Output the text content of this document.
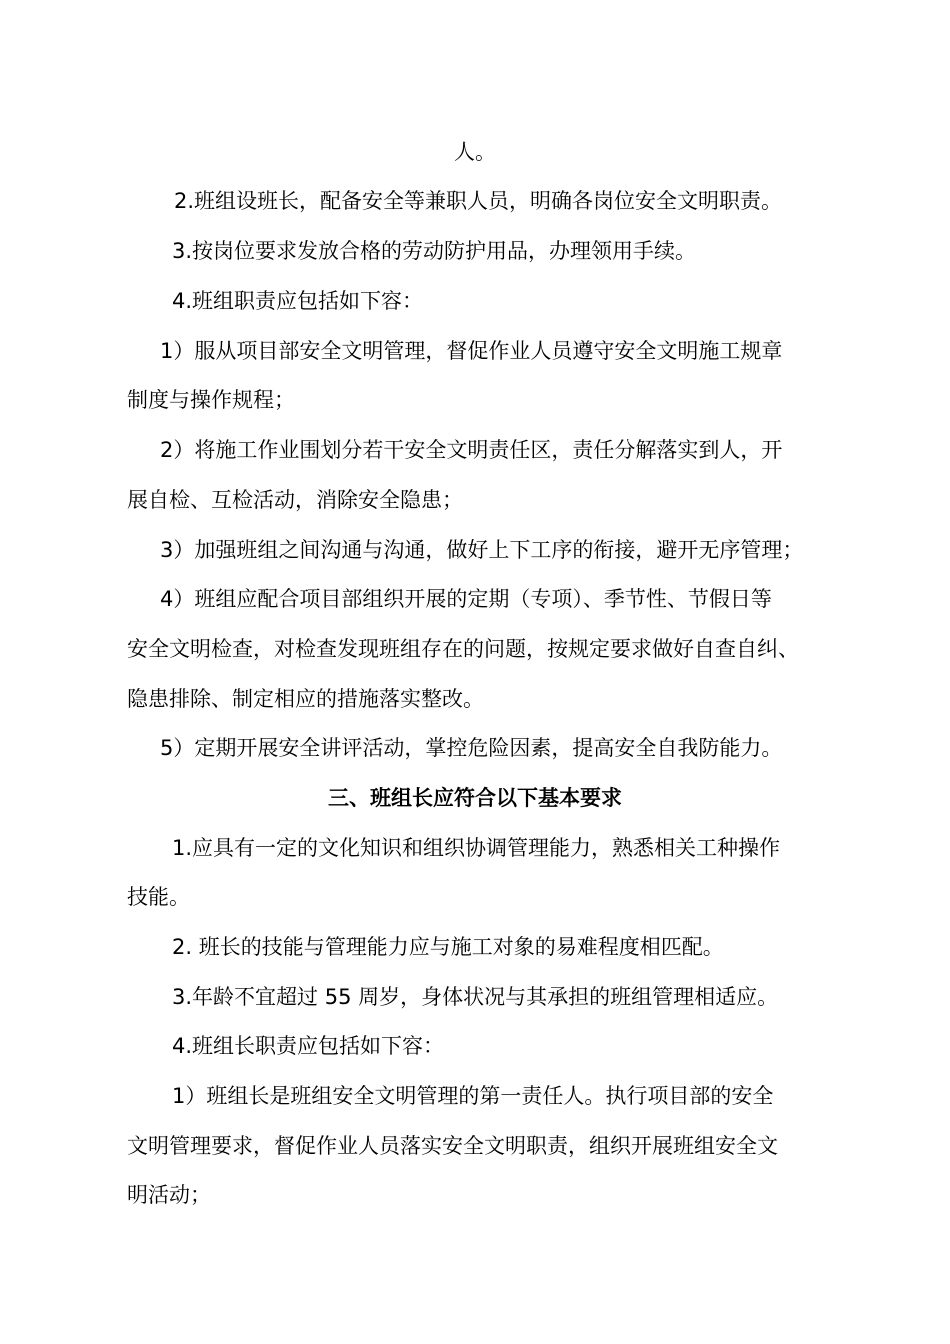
人。
2.班组设班长，配备安全等兼职人员，明确各岗位安全文明职责。
3.按岗位要求发放合格的劳动防护用品，办理领用手续。
4.班组职责应包括如下容：
1）服从项目部安全文明管理，督促作业人员遵守安全文明施工规章
制度与操作规程；
2）将施工作业围划分若干安全文明责任区，责任分解落实到人，开
展自检、互检活动，消除安全隐患；
3）加强班组之间沟通与沟通，做好上下工序的衔接，避开无序管理；
4）班组应配合项目部组织开展的定期（专项）、季节性、节假日等
安全文明检查，对检查发现班组存在的问题，按规定要求做好自查自纠、
隐患排除、制定相应的措施落实整改。
5）定期开展安全讲评活动，掌控危险因素，提高安全自我防能力。
三、班组长应符合以下基本要求
1.应具有一定的文化知识和组织协调管理能力，熟悉相关工种操作
技能。
2. 班长的技能与管理能力应与施工对象的易难程度相匹配。
3.年龄不宜超过 55 周岁，身体状况与其承担的班组管理相适应。
4.班组长职责应包括如下容：
1）班组长是班组安全文明管理的第一责任人。执行项目部的安全
文明管理要求，督促作业人员落实安全文明职责，组织开展班组安全文
明活动；
